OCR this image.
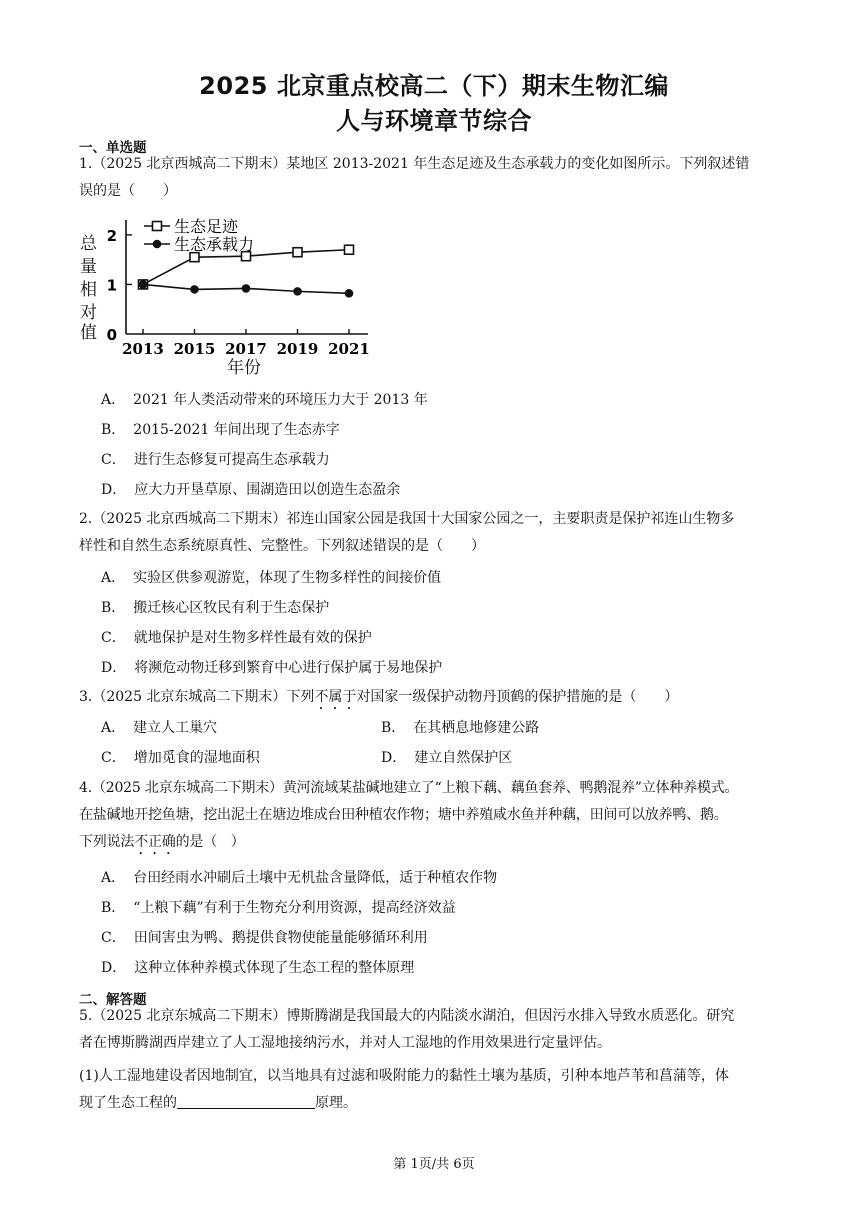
2025 北京重点校高二（下）期末生物汇编
人与环境章节综合
一、单选题
1.（2025 北京西城高二下期末）某地区 2013-2021 年生态足迹及生态承载力的变化如图所示。下列叙述错
误的是（　　）
0
1
2
2013 2015 2017 2019 2021
生态足迹
生态承载力
总
量
相
对
值
年份
A． 2021 年人类活动带来的环境压力大于 2013 年
B． 2015-2021 年间出现了生态赤字
C． 进行生态修复可提高生态承载力
D． 应大力开垦草原、围湖造田以创造生态盈余
2.（2025 北京西城高二下期末）祁连山国家公园是我国十大国家公园之一，主要职责是保护祁连山生物多
样性和自然生态系统原真性、完整性。下列叙述错误的是（　　）
A． 实验区供参观游览，体现了生物多样性的间接价值
B． 搬迁核心区牧民有利于生态保护
C． 就地保护是对生物多样性最有效的保护
D． 将濒危动物迁移到繁育中心进行保护属于易地保护
3.（2025 北京东城高二下期末）下列不属于对国家一级保护动物丹顶鹤的保护措施的是（　　）
A． 建立人工巢穴	B． 在其栖息地修建公路
C． 增加觅食的湿地面积	D． 建立自然保护区
4.（2025 北京东城高二下期末）黄河流域某盐碱地建立了“上粮下藕、藕鱼套养、鸭鹅混养”立体种养模式。
在盐碱地开挖鱼塘，挖出泥土在塘边堆成台田种植农作物；塘中养殖咸水鱼并种藕，田间可以放养鸭、鹅。
下列说法不正确的是（　）
A． 台田经雨水冲刷后土壤中无机盐含量降低，适于种植农作物
B． “上粮下藕”有利于生物充分利用资源，提高经济效益
C． 田间害虫为鸭、鹅提供食物使能量能够循环利用
D． 这种立体种养模式体现了生态工程的整体原理
二、解答题
5.（2025 北京东城高二下期末）博斯腾湖是我国最大的内陆淡水湖泊，但因污水排入导致水质恶化。研究
者在博斯腾湖西岸建立了人工湿地接纳污水，并对人工湿地的作用效果进行定量评估。
(1)人工湿地建设者因地制宜，以当地具有过滤和吸附能力的黏性土壤为基质，引种本地芦苇和菖蒲等，体
现了生态工程的	原理。
第 1页/共 6页
